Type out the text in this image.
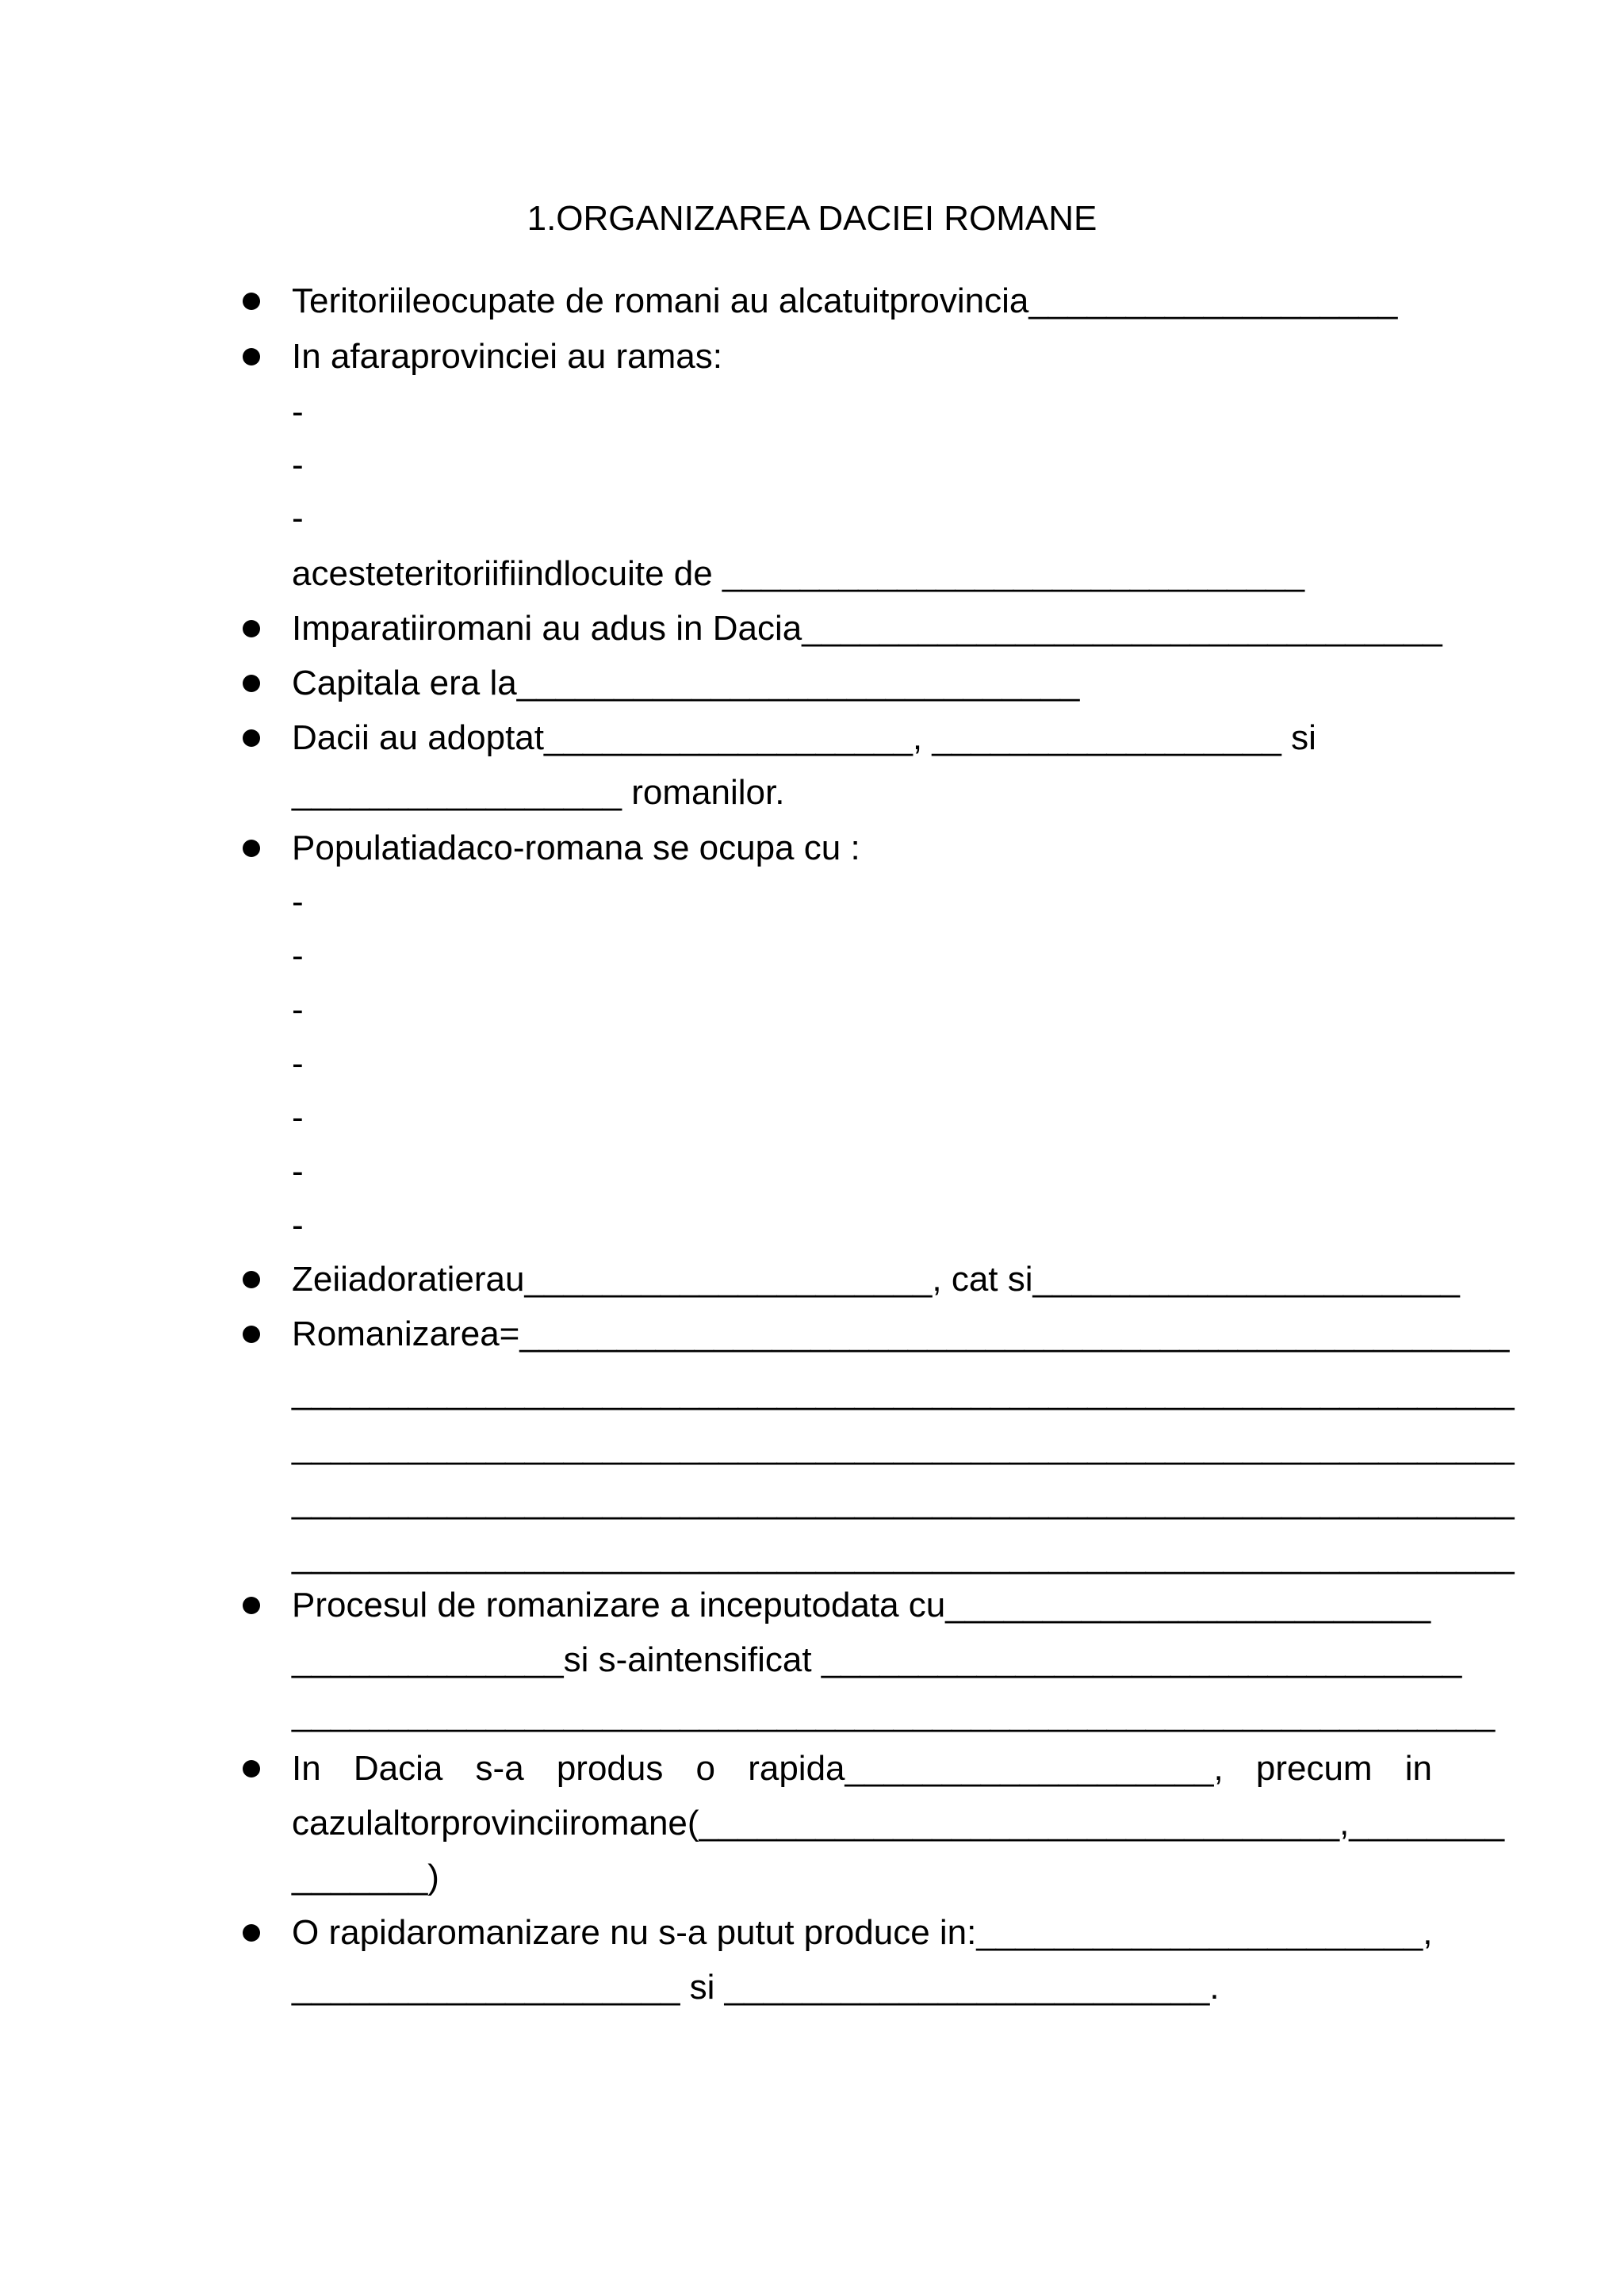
1.ORGANIZAREA DACIEI ROMANE
Teritoriileocupate de romani au alcatuitprovincia___________________
In afaraprovinciei au ramas:
-
-
-
acesteteritoriifiindlocuite de ______________________________
Imparatiiromani au adus in Dacia_________________________________
Capitala era la_____________________________
Dacii au adoptat___________________, __________________ si
_________________ romanilor.
Populatiadaco-romana se ocupa cu :
-
-
-
-
-
-
-
Zeiiadoratierau_____________________, cat si______________________
Romanizarea=___________________________________________________
_______________________________________________________________
_______________________________________________________________
_______________________________________________________________
_______________________________________________________________
Procesul de romanizare a inceputodata cu_________________________
______________si s-aintensificat _________________________________
______________________________________________________________
In Dacia s-a produs o rapida___________________, precum in
cazulaltorprovinciiromane(_________________________________,________
_______)
O rapidaromanizare nu s-a putut produce in:_______________________,
____________________ si _________________________.
